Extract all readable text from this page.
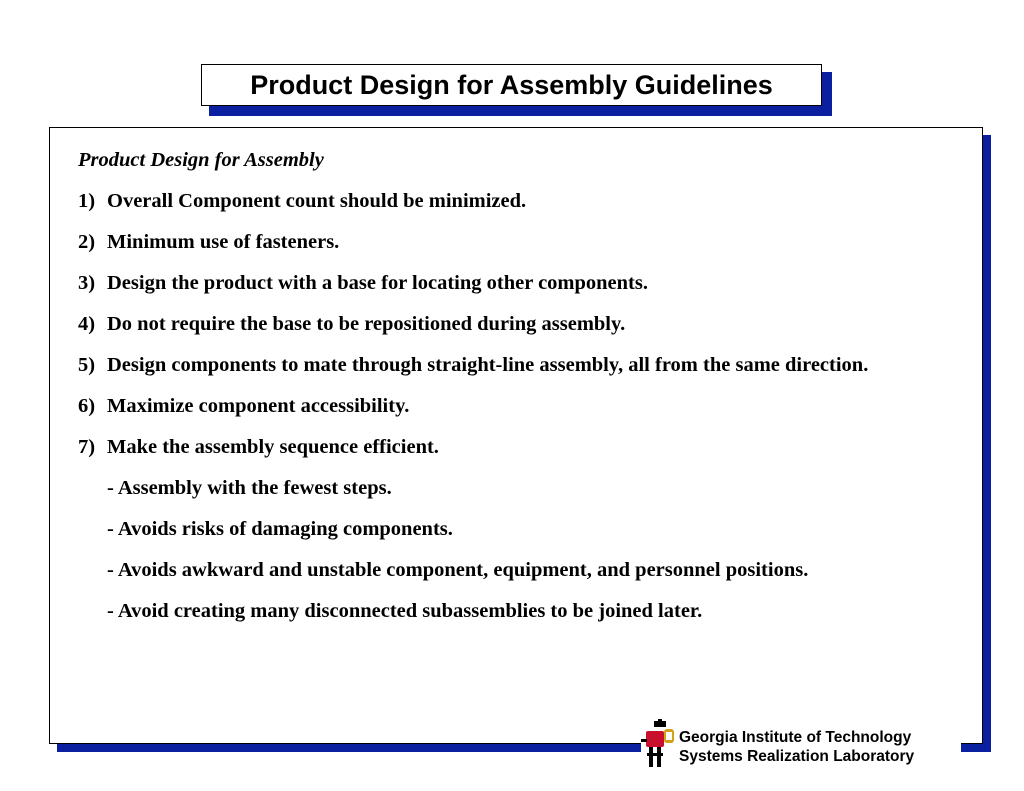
Product Design for Assembly Guidelines
Product Design for Assembly
1) Overall Component count should be minimized.
2) Minimum use of fasteners.
3) Design the product with a base for locating other components.
4) Do not require the base to be repositioned during assembly.
5) Design components to mate through straight-line assembly, all from the same direction.
6) Maximize component accessibility.
7) Make the assembly sequence efficient.
- Assembly with the fewest steps.
- Avoids risks of damaging components.
- Avoids awkward and unstable component, equipment, and personnel positions.
- Avoid creating many disconnected subassemblies to be joined later.
Georgia Institute of Technology
Systems Realization Laboratory
